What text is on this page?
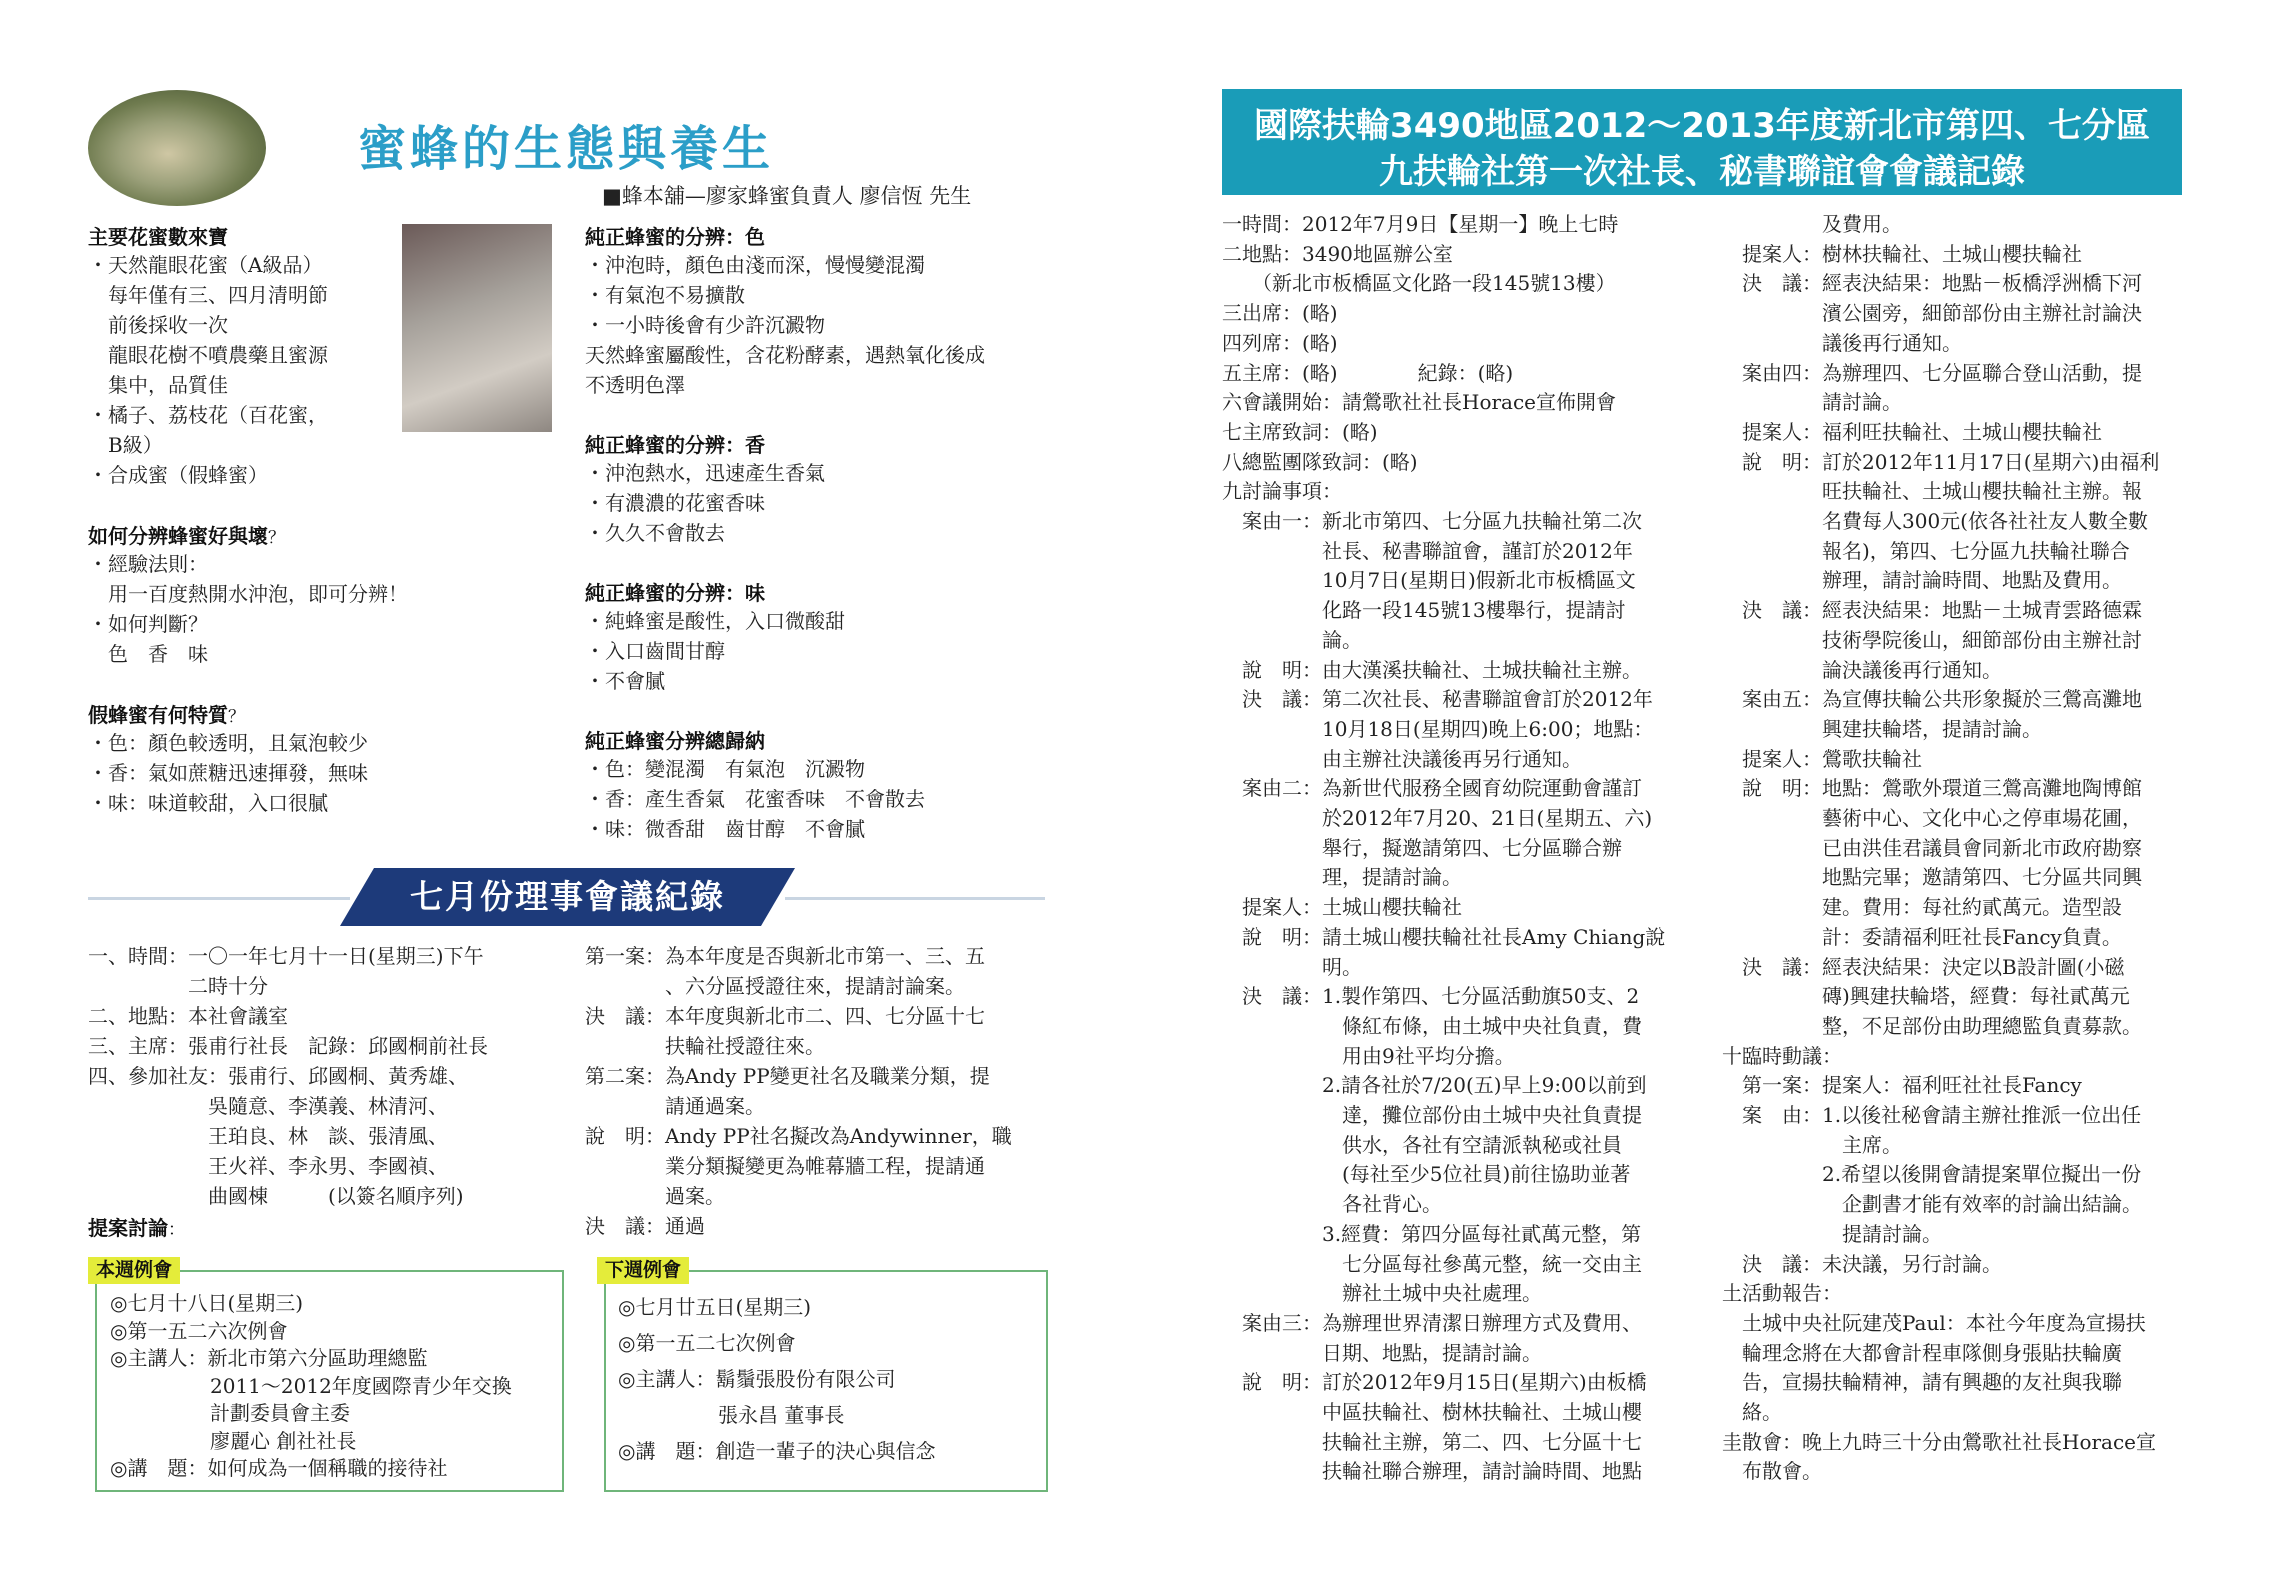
蜜蜂的生態與養生
■蜂本舖—廖家蜂蜜負責人 廖信恆 先生
主要花蜜數來寶
・天然龍眼花蜜（A級品）
　每年僅有三、四月清明節
　前後採收一次
　龍眼花樹不噴農藥且蜜源
　集中，品質佳
・橘子、荔枝花（百花蜜，
　B級）
・合成蜜（假蜂蜜）
如何分辨蜂蜜好與壞？
・經驗法則：
　用一百度熱開水沖泡，即可分辨！
・如何判斷？
　色　香　味
假蜂蜜有何特質？
・色：顏色較透明，且氣泡較少
・香：氣如蔗糖迅速揮發，無味
・味：味道較甜，入口很膩
純正蜂蜜的分辨：色
・沖泡時，顏色由淺而深，慢慢變混濁
・有氣泡不易擴散
・一小時後會有少許沉澱物
天然蜂蜜屬酸性，含花粉酵素，遇熱氧化後成
不透明色澤
純正蜂蜜的分辨：香
・沖泡熱水，迅速產生香氣
・有濃濃的花蜜香味
・久久不會散去
純正蜂蜜的分辨：味
・純蜂蜜是酸性，入口微酸甜
・入口齒間甘醇
・不會膩
純正蜂蜜分辨總歸納
・色：變混濁　有氣泡　沉澱物
・香：產生香氣　花蜜香味　不會散去
・味：微香甜　齒甘醇　不會膩
七月份理事會議紀錄
一、時間：一〇一年七月十一日(星期三)下午
　　　　　二時十分
二、地點：本社會議室
三、主席：張甫行社長　記錄：邱國桐前社長
四、參加社友：張甫行、邱國桐、黃秀雄、
　　　　　　吳隨意、李漢義、林清河、
　　　　　　王珀良、林　談、張清風、
　　　　　　王火祥、李永男、李國禎、
　　　　　　曲國棟　　　(以簽名順序列)
提案討論：
第一案：為本年度是否與新北市第一、三、五
　　　　、六分區授證往來，提請討論案。
決　議：本年度與新北市二、四、七分區十七
　　　　扶輪社授證往來。
第二案：為Andy PP變更社名及職業分類，提
　　　　請通過案。
說　明：Andy PP社名擬改為Andywinner，職
　　　　業分類擬變更為帷幕牆工程，提請通
　　　　過案。
決　議：通過
本週例會
◎七月十八日(星期三)
◎第一五二六次例會
◎主講人：新北市第六分區助理總監
　　　　　2011～2012年度國際青少年交換
　　　　　計劃委員會主委
　　　　　廖麗心 創社社長
◎講　題：如何成為一個稱職的接待社
下週例會
◎七月廿五日(星期三)
◎第一五二七次例會
◎主講人：鬍鬚張股份有限公司
　　　　　張永昌 董事長
◎講　題：創造一輩子的決心與信念
國際扶輪3490地區2012～2013年度新北市第四、七分區
九扶輪社第一次社長、秘書聯誼會會議記錄
一時間：2012年7月9日【星期一】晚上七時
二地點：3490地區辦公室
　　（新北市板橋區文化路一段145號13樓）
三出席：(略)
四列席：(略)
五主席：(略)　　　　紀錄：(略)
六會議開始：請鶯歌社社長Horace宣佈開會
七主席致詞：(略)
八總監團隊致詞：(略)
九討論事項：
　案由一：新北市第四、七分區九扶輪社第二次
　　　　　社長、秘書聯誼會，謹訂於2012年
　　　　　10月7日(星期日)假新北市板橋區文
　　　　　化路一段145號13樓舉行，提請討
　　　　　論。
　說　明：由大漢溪扶輪社、土城扶輪社主辦。
　決　議：第二次社長、秘書聯誼會訂於2012年
　　　　　10月18日(星期四)晚上6:00；地點：
　　　　　由主辦社決議後再另行通知。
　案由二：為新世代服務全國育幼院運動會謹訂
　　　　　於2012年7月20、21日(星期五、六)
　　　　　舉行，擬邀請第四、七分區聯合辦
　　　　　理，提請討論。
　提案人：土城山櫻扶輪社
　說　明：請土城山櫻扶輪社社長Amy Chiang說
　　　　　明。
　決　議：1.製作第四、七分區活動旗50支、2
　　　　　　條紅布條，由土城中央社負責，費
　　　　　　用由9社平均分擔。
　　　　　2.請各社於7/20(五)早上9:00以前到
　　　　　　達，攤位部份由土城中央社負責提
　　　　　　供水，各社有空請派執秘或社員
　　　　　　(每社至少5位社員)前往協助並著
　　　　　　各社背心。
　　　　　3.經費：第四分區每社貳萬元整，第
　　　　　　七分區每社參萬元整，統一交由主
　　　　　　辦社土城中央社處理。
　案由三：為辦理世界清潔日辦理方式及費用、
　　　　　日期、地點，提請討論。
　說　明：訂於2012年9月15日(星期六)由板橋
　　　　　中區扶輪社、樹林扶輪社、土城山櫻
　　　　　扶輪社主辦，第二、四、七分區十七
　　　　　扶輪社聯合辦理，請討論時間、地點
　　　　　及費用。
　提案人：樹林扶輪社、土城山櫻扶輪社
　決　議：經表決結果：地點－板橋浮洲橋下河
　　　　　濱公園旁，細節部份由主辦社討論決
　　　　　議後再行通知。
　案由四：為辦理四、七分區聯合登山活動，提
　　　　　請討論。
　提案人：福利旺扶輪社、土城山櫻扶輪社
　說　明：訂於2012年11月17日(星期六)由福利
　　　　　旺扶輪社、土城山櫻扶輪社主辦。報
　　　　　名費每人300元(依各社社友人數全數
　　　　　報名)，第四、七分區九扶輪社聯合
　　　　　辦理，請討論時間、地點及費用。
　決　議：經表決結果：地點－土城青雲路德霖
　　　　　技術學院後山，細節部份由主辦社討
　　　　　論決議後再行通知。
　案由五：為宣傳扶輪公共形象擬於三鶯高灘地
　　　　　興建扶輪塔，提請討論。
　提案人：鶯歌扶輪社
　說　明：地點：鶯歌外環道三鶯高灘地陶博館
　　　　　藝術中心、文化中心之停車場花圃，
　　　　　已由洪佳君議員會同新北市政府勘察
　　　　　地點完畢；邀請第四、七分區共同興
　　　　　建。費用：每社約貳萬元。造型設
　　　　　計：委請福利旺社長Fancy負責。
　決　議：經表決結果：決定以B設計圖(小磁
　　　　　磚)興建扶輪塔，經費：每社貳萬元
　　　　　整，不足部份由助理總監負責募款。
十臨時動議：
　第一案：提案人：福利旺社社長Fancy
　案　由：1.以後社秘會請主辦社推派一位出任
　　　　　　主席。
　　　　　2.希望以後開會請提案單位擬出一份
　　　　　　企劃書才能有效率的討論出結論。
　　　　　　提請討論。
　決　議：未決議，另行討論。
土活動報告：
　土城中央社阮建茂Paul：本社今年度為宣揚扶
　輪理念將在大都會計程車隊側身張貼扶輪廣
　告，宣揚扶輪精神，請有興趣的友社與我聯
　絡。
圭散會：晚上九時三十分由鶯歌社社長Horace宣
　布散會。
